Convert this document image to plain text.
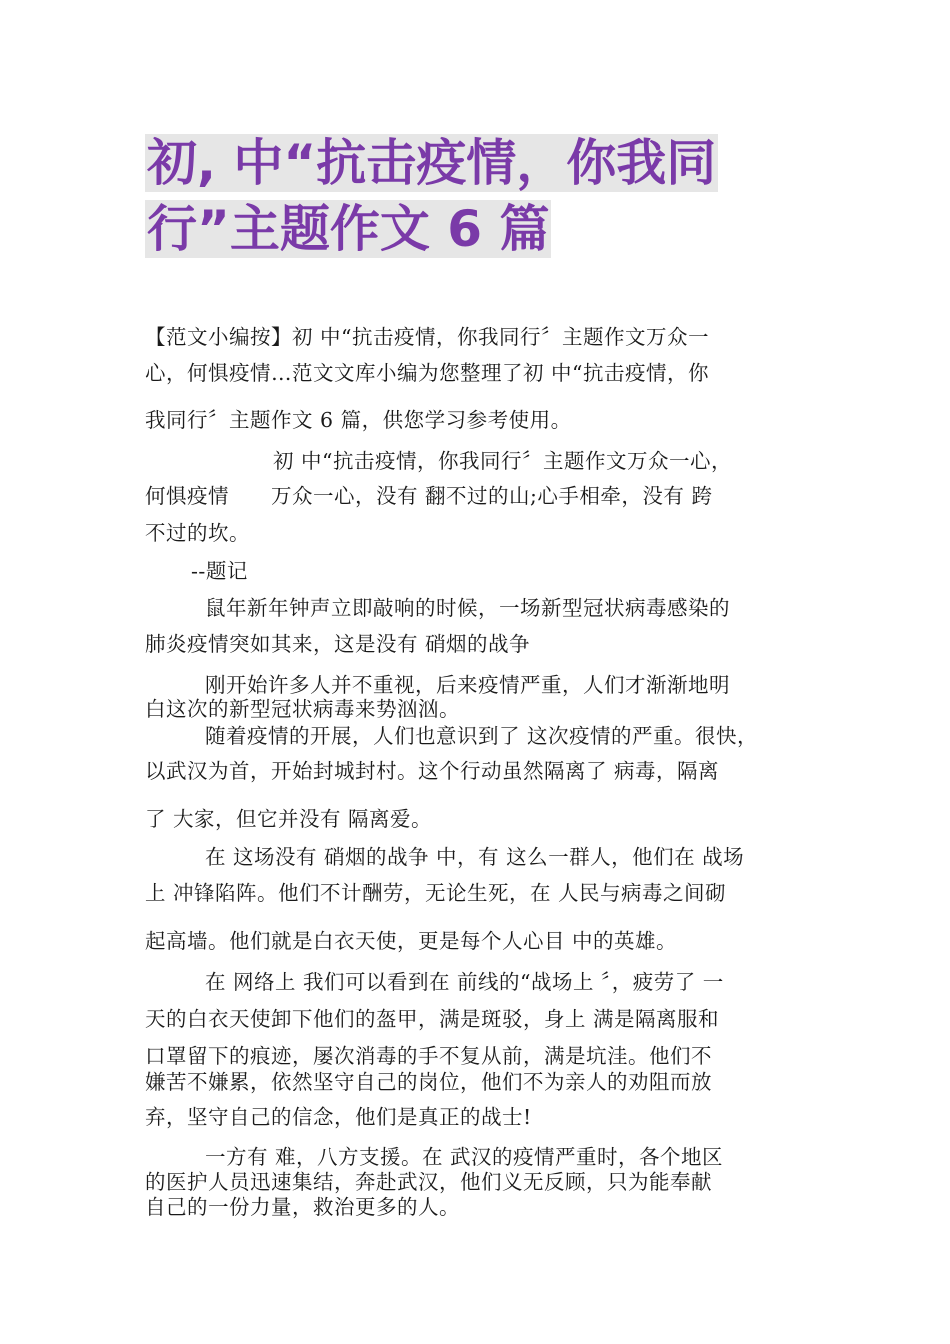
初, 中“抗击疫情，你我同
行”主题作文 6 篇
【范文小编按】初 中“抗击疫情，你我同行〞主题作文万众一
心，何惧疫情…范文文库小编为您整理了初 中“抗击疫情，你
我同行〞主题作文 6 篇，供您学习参考使用。
初 中“抗击疫情，你我同行〞主题作文万众一心，
何惧疫情　　万众一心，没有 翻不过的山;心手相牵，没有 跨
不过的坎。
--题记
鼠年新年钟声立即敲响的时候，一场新型冠状病毒感染的
肺炎疫情突如其来，这是没有 硝烟的战争
刚开始许多人并不重视，后来疫情严重，人们才渐渐地明
白这次的新型冠状病毒来势汹汹。
随着疫情的开展，人们也意识到了 这次疫情的严重。很快，
以武汉为首，开始封城封村。这个行动虽然隔离了 病毒，隔离
了 大家，但它并没有 隔离爱。
在 这场没有 硝烟的战争 中，有 这么一群人，他们在 战场
上 冲锋陷阵。他们不计酬劳，无论生死，在 人民与病毒之间砌
起高墙。他们就是白衣天使，更是每个人心目 中的英雄。
在 网络上 我们可以看到在 前线的“战场上 〞，疲劳了 一
天的白衣天使卸下他们的盔甲，满是斑驳，身上 满是隔离服和
口罩留下的痕迹，屡次消毒的手不复从前，满是坑洼。他们不
嫌苦不嫌累，依然坚守自己的岗位，他们不为亲人的劝阻而放
弃，坚守自己的信念，他们是真正的战士!
一方有 难，八方支援。在 武汉的疫情严重时，各个地区
的医护人员迅速集结，奔赴武汉，他们义无反顾，只为能奉献
自己的一份力量，救治更多的人。
